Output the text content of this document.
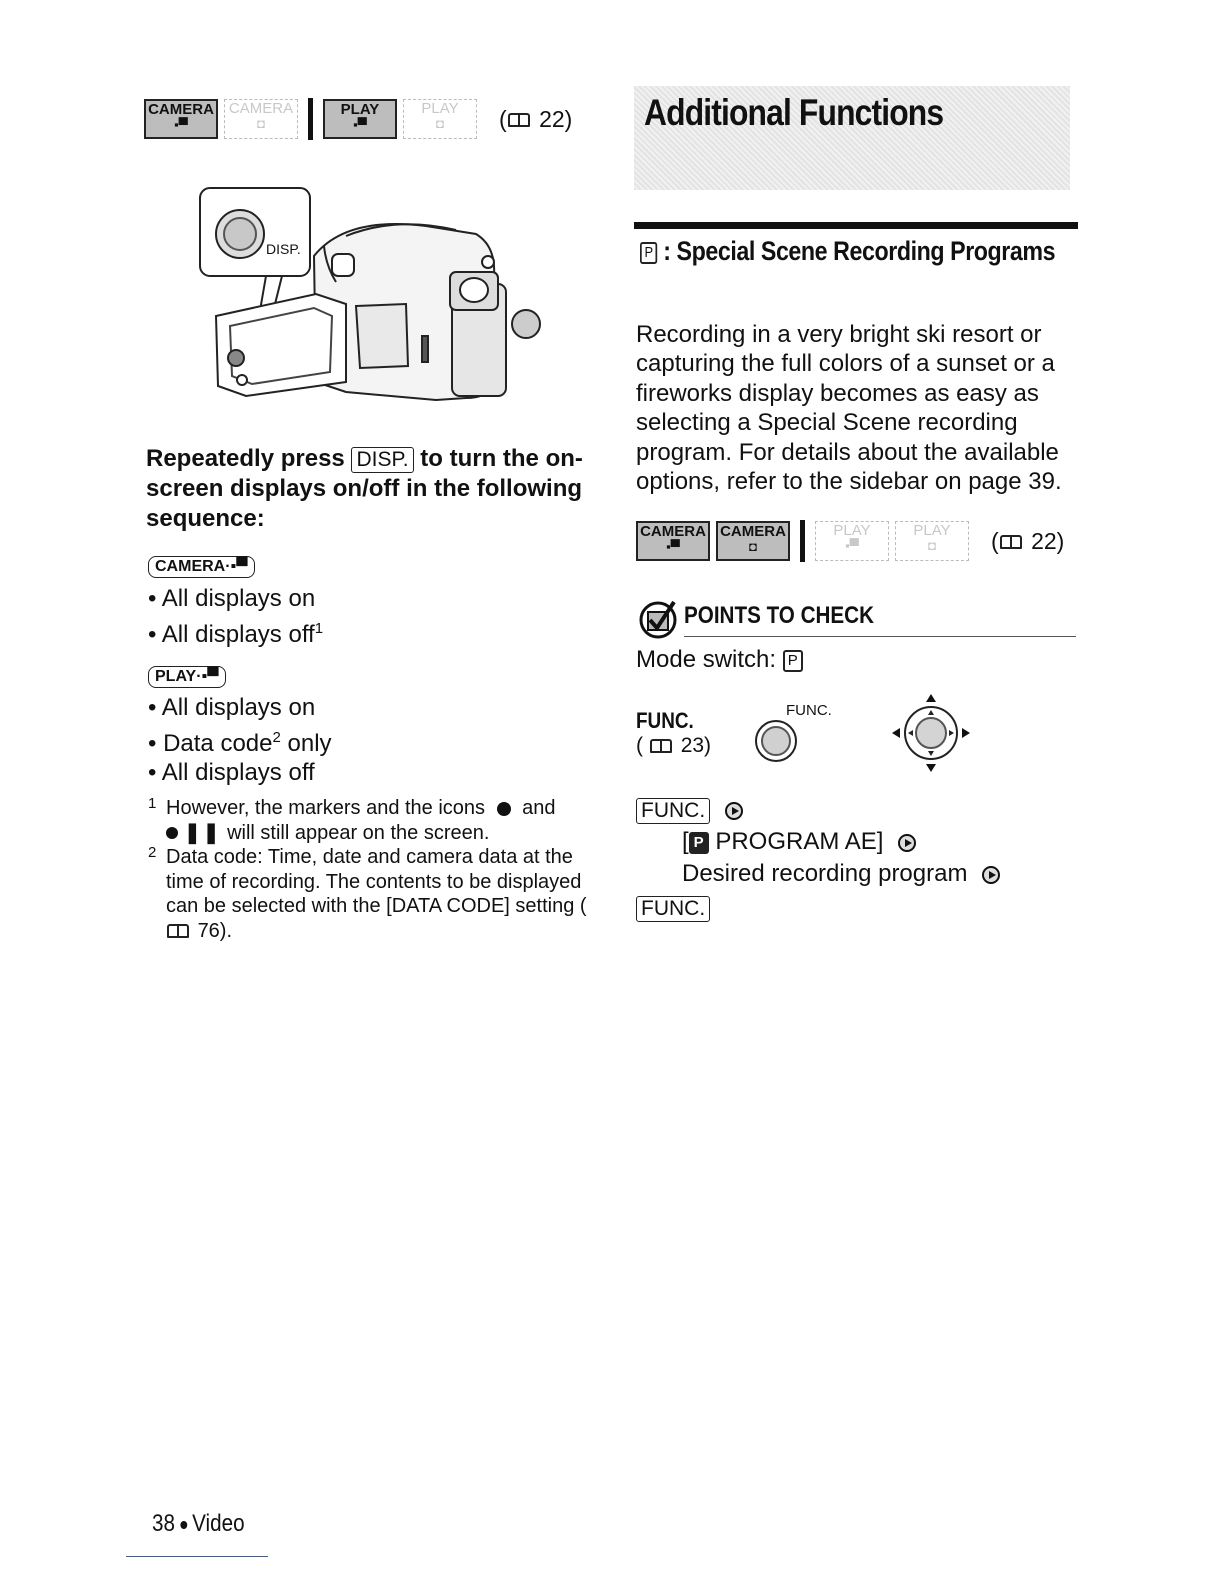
CAMERA
▪▀
CAMERA
◘
PLAY
▪▀
PLAY
◘ ( 22)
DISP.
Additional Functions
P : Special Scene Recording Programs
Recording in a very bright ski resort or capturing the full colors of a sunset or a fireworks display becomes as easy as selecting a Special Scene recording program. For details about the available options, refer to the sidebar on page 39.
CAMERA
▪▀
CAMERA
◘
PLAY
▪▀
PLAY
◘ ( 22)
Repeatedly press DISP. to turn the on-screen displays on/off in the following sequence:
CAMERA·▪▀
• All displays on
• All displays off$^1$
PLAY·▪▀
• All displays on
• Data code$^2$ only
• All displays off
1 However, the markers and the icons and
❚❚ will still appear on the screen.
2 Data code: Time, date and camera data at the time of recording. The contents to be displayed can be selected with the [DATA CODE] setting ( 76).
POINTS TO CHECK
Mode switch: P
FUNC.
( 23)
FUNC.
FUNC.
[ P PROGRAM AE]
Desired recording program
FUNC.
38 Video
